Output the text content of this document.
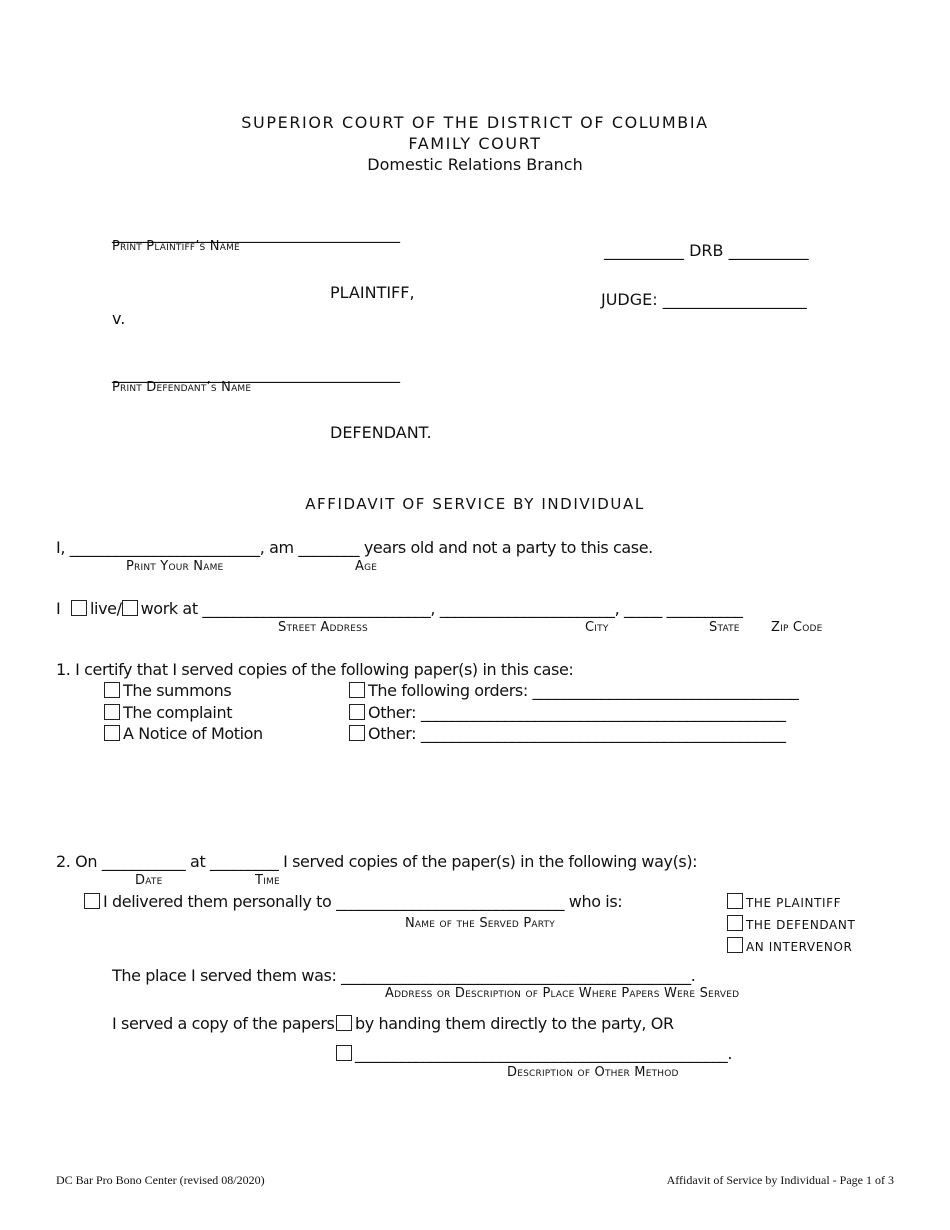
SUPERIOR COURT OF THE DISTRICT OF COLUMBIA
FAMILY COURT
Domestic Relations Branch
____________________________________
Print Plaintiff’s Name
PLAINTIFF,
v.
____________________________________
Print Defendant’s Name
DEFENDANT.
__________ DRB __________
JUDGE: __________________
AFFIDAVIT OF SERVICE BY INDIVIDUAL
I, _________________________, am ________ years old and not a party to this case.
Print Your Name	Age
I live/ work at ______________________________, _______________________, _____ __________
Street Address	City	State Zip Code
1. I certify that I served copies of the following paper(s) in this case:
The summons
The complaint
A Notice of Motion
The following orders: ___________________________________
Other: ________________________________________________
Other: ________________________________________________
2. On ___________ at _________ I served copies of the paper(s) in the following way(s):
Date	Time
I delivered them personally to ______________________________ who is:
Name of the Served Party
THE PLAINTIFF
THE DEFENDANT
AN INTERVENOR
The place I served them was: ______________________________________________.
Address or Description of Place Where Papers Were Served
I served a copy of the papers	by handing them directly to the party, OR
_________________________________________________.
Description of Other Method
DC Bar Pro Bono Center (revised 08/2020)	Affidavit of Service by Individual - Page 1 of 3
